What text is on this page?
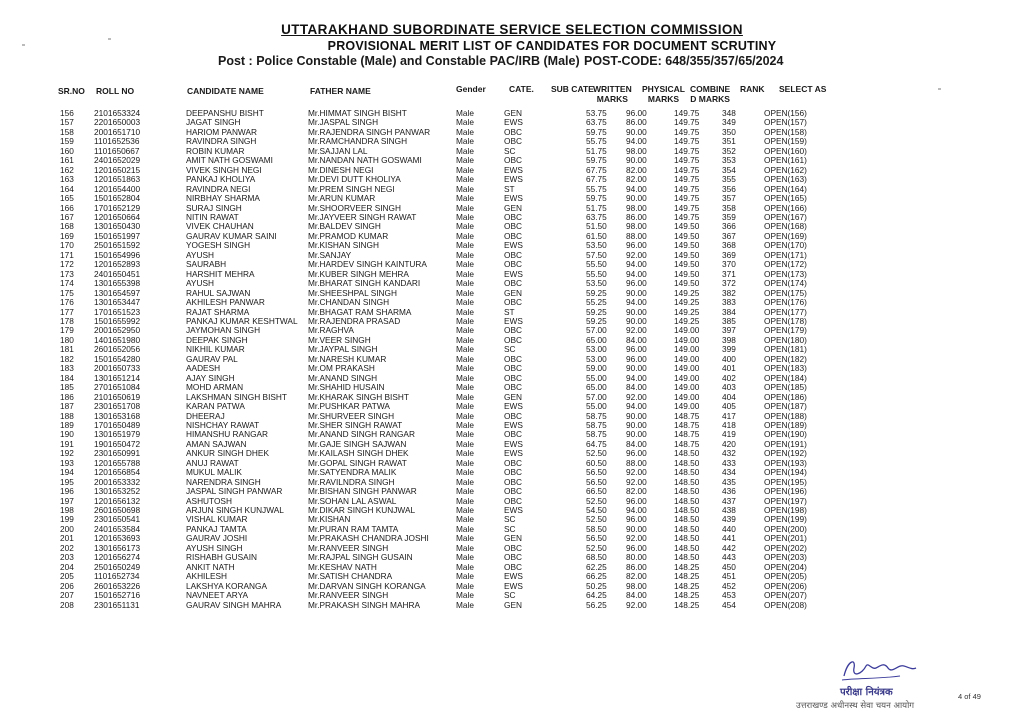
UTTARAKHAND SUBORDINATE SERVICE SELECTION COMMISSION
PROVISIONAL MERIT LIST OF CANDIDATES FOR DOCUMENT SCRUTINY
Post : Police Constable (Male) and Constable PAC/IRB (Male) POST-CODE: 648/355/357/65/2024
SR.NO ROLL NO	CANDIDATE NAME	FATHER NAME	Gender	CATE. SUB CATE WRITTEN
MARKS
PHYSICAL
MARKS
COMBINE
D MARKS
RANK SELECT AS
156	2101653324	DEEPANSHU BISHT	Mr.HIMMAT SINGH BISHT	Male	GEN		53.75	96.00	149.75	348	OPEN(156)
157	2201650003	JAGAT SINGH	Mr.JASPAL SINGH	Male	EWS		63.75	86.00	149.75	349	OPEN(157)
158	2001651710	HARIOM PANWAR	Mr.RAJENDRA SINGH PANWAR	Male	OBC		59.75	90.00	149.75	350	OPEN(158)
159	1101652536	RAVINDRA SINGH	Mr.RAMCHANDRA SINGH	Male	OBC		55.75	94.00	149.75	351	OPEN(159)
160	1101650667	ROBIN KUMAR	Mr.SAJJAN LAL	Male	SC		51.75	98.00	149.75	352	OPEN(160)
161	2401652029	AMIT NATH GOSWAMI	Mr.NANDAN NATH GOSWAMI	Male	OBC		59.75	90.00	149.75	353	OPEN(161)
162	1201650215	VIVEK SINGH NEGI	Mr.DINESH NEGI	Male	EWS		67.75	82.00	149.75	354	OPEN(162)
163	1201651863	PANKAJ KHOLIYA	Mr.DEVI DUTT KHOLIYA	Male	EWS		67.75	82.00	149.75	355	OPEN(163)
164	1201654400	RAVINDRA NEGI	Mr.PREM SINGH NEGI	Male	ST		55.75	94.00	149.75	356	OPEN(164)
165	1501652804	NIRBHAY SHARMA	Mr.ARUN KUMAR	Male	EWS		59.75	90.00	149.75	357	OPEN(165)
166	1701652129	SURAJ SINGH	Mr.SHOORVEER SINGH	Male	GEN		51.75	98.00	149.75	358	OPEN(166)
167	1201650664	NITIN RAWAT	Mr.JAYVEER SINGH RAWAT	Male	OBC		63.75	86.00	149.75	359	OPEN(167)
168	1301650430	VIVEK CHAUHAN	Mr.BALDEV SINGH	Male	OBC		51.50	98.00	149.50	366	OPEN(168)
169	1501651997	GAURAV KUMAR SAINI	Mr.PRAMOD KUMAR	Male	OBC		61.50	88.00	149.50	367	OPEN(169)
170	2501651592	YOGESH SINGH	Mr.KISHAN SINGH	Male	EWS		53.50	96.00	149.50	368	OPEN(170)
171	1501654996	AYUSH	Mr.SANJAY	Male	OBC		57.50	92.00	149.50	369	OPEN(171)
172	1201652893	SAURABH	Mr.HARDEV SINGH KAINTURA	Male	OBC		55.50	94.00	149.50	370	OPEN(172)
173	2401650451	HARSHIT MEHRA	Mr.KUBER SINGH MEHRA	Male	EWS		55.50	94.00	149.50	371	OPEN(173)
174	1301655398	AYUSH	Mr.BHARAT SINGH KANDARI	Male	OBC		53.50	96.00	149.50	372	OPEN(174)
175	1301654597	RAHUL SAJWAN	Mr.SHEESHPAL SINGH	Male	GEN		59.25	90.00	149.25	382	OPEN(175)
176	1301653447	AKHILESH PANWAR	Mr.CHANDAN SINGH	Male	OBC		55.25	94.00	149.25	383	OPEN(176)
177	1701651523	RAJAT SHARMA	Mr.BHAGAT RAM SHARMA	Male	ST		59.25	90.00	149.25	384	OPEN(177)
178	1501655992	PANKAJ KUMAR KESHTWAL	Mr.RAJENDRA PRASAD	Male	EWS		59.25	90.00	149.25	385	OPEN(178)
179	2001652950	JAYMOHAN SINGH	Mr.RAGHVA	Male	OBC		57.00	92.00	149.00	397	OPEN(179)
180	1401651980	DEEPAK SINGH	Mr.VEER SINGH	Male	OBC		65.00	84.00	149.00	398	OPEN(180)
181	2601652056	NIKHIL KUMAR	Mr.JAYPAL SINGH	Male	SC		53.00	96.00	149.00	399	OPEN(181)
182	1501654280	GAURAV PAL	Mr.NARESH KUMAR	Male	OBC		53.00	96.00	149.00	400	OPEN(182)
183	2001650733	AADESH	Mr.OM PRAKASH	Male	OBC		59.00	90.00	149.00	401	OPEN(183)
184	1301651214	AJAY SINGH	Mr.ANAND SINGH	Male	OBC		55.00	94.00	149.00	402	OPEN(184)
185	2701651084	MOHD ARMAN	Mr.SHAHID HUSAIN	Male	OBC		65.00	84.00	149.00	403	OPEN(185)
186	2101650619	LAKSHMAN SINGH BISHT	Mr.KHARAK SINGH BISHT	Male	GEN		57.00	92.00	149.00	404	OPEN(186)
187	2301651708	KARAN PATWA	Mr.PUSHKAR PATWA	Male	EWS		55.00	94.00	149.00	405	OPEN(187)
188	1301653168	DHEERAJ	Mr.SHURVEER SINGH	Male	OBC		58.75	90.00	148.75	417	OPEN(188)
189	1701650489	NISHCHAY RAWAT	Mr.SHER SINGH RAWAT	Male	EWS		58.75	90.00	148.75	418	OPEN(189)
190	1301651979	HIMANSHU RANGAR	Mr.ANAND SINGH RANGAR	Male	OBC		58.75	90.00	148.75	419	OPEN(190)
191	1901650472	AMAN SAJWAN	Mr.GAJE SINGH SAJWAN	Male	EWS		64.75	84.00	148.75	420	OPEN(191)
192	2301650991	ANKUR SINGH DHEK	Mr.KAILASH SINGH DHEK	Male	EWS		52.50	96.00	148.50	432	OPEN(192)
193	1201655788	ANUJ RAWAT	Mr.GOPAL SINGH RAWAT	Male	OBC		60.50	88.00	148.50	433	OPEN(193)
194	1201656854	MUKUL MALIK	Mr.SATYENDRA MALIK	Male	OBC		56.50	92.00	148.50	434	OPEN(194)
195	2001653332	NARENDRA SINGH	Mr.RAVILNDRA SINGH	Male	OBC		56.50	92.00	148.50	435	OPEN(195)
196	1301653252	JASPAL SINGH PANWAR	Mr.BISHAN SINGH PANWAR	Male	OBC		66.50	82.00	148.50	436	OPEN(196)
197	1201656132	ASHUTOSH	Mr.SOHAN LAL ASWAL	Male	OBC		52.50	96.00	148.50	437	OPEN(197)
198	2601650698	ARJUN SINGH KUNJWAL	Mr.DIKAR SINGH KUNJWAL	Male	EWS		54.50	94.00	148.50	438	OPEN(198)
199	2301650541	VISHAL KUMAR	Mr.KISHAN	Male	SC		52.50	96.00	148.50	439	OPEN(199)
200	2401653584	PANKAJ TAMTA	Mr.PURAN RAM TAMTA	Male	SC		58.50	90.00	148.50	440	OPEN(200)
201	1201653693	GAURAV JOSHI	Mr.PRAKASH CHANDRA JOSHI	Male	GEN		56.50	92.00	148.50	441	OPEN(201)
202	1301656173	AYUSH SINGH	Mr.RANVEER SINGH	Male	OBC		52.50	96.00	148.50	442	OPEN(202)
203	1201656274	RISHABH GUSAIN	Mr.RAJPAL SINGH GUSAIN	Male	OBC		68.50	80.00	148.50	443	OPEN(203)
204	2501650249	ANKIT NATH	Mr.KESHAV NATH	Male	OBC		62.25	86.00	148.25	450	OPEN(204)
205	1101652734	AKHILESH	Mr.SATISH CHANDRA	Male	EWS		66.25	82.00	148.25	451	OPEN(205)
206	2601653226	LAKSHYA KORANGA	Mr.DARVAN SINGH KORANGA	Male	EWS		50.25	98.00	148.25	452	OPEN(206)
207	1501652716	NAVNEET ARYA	Mr.RANVEER SINGH	Male	SC		64.25	84.00	148.25	453	OPEN(207)
208	2301651131	GAURAV SINGH MAHRA	Mr.PRAKASH SINGH MAHRA	Male	GEN		56.25	92.00	148.25	454	OPEN(208)
परीक्षा नियंत्रक
उत्तराखण्ड अधीनस्थ सेवा चयन आयोग
4 of 49
